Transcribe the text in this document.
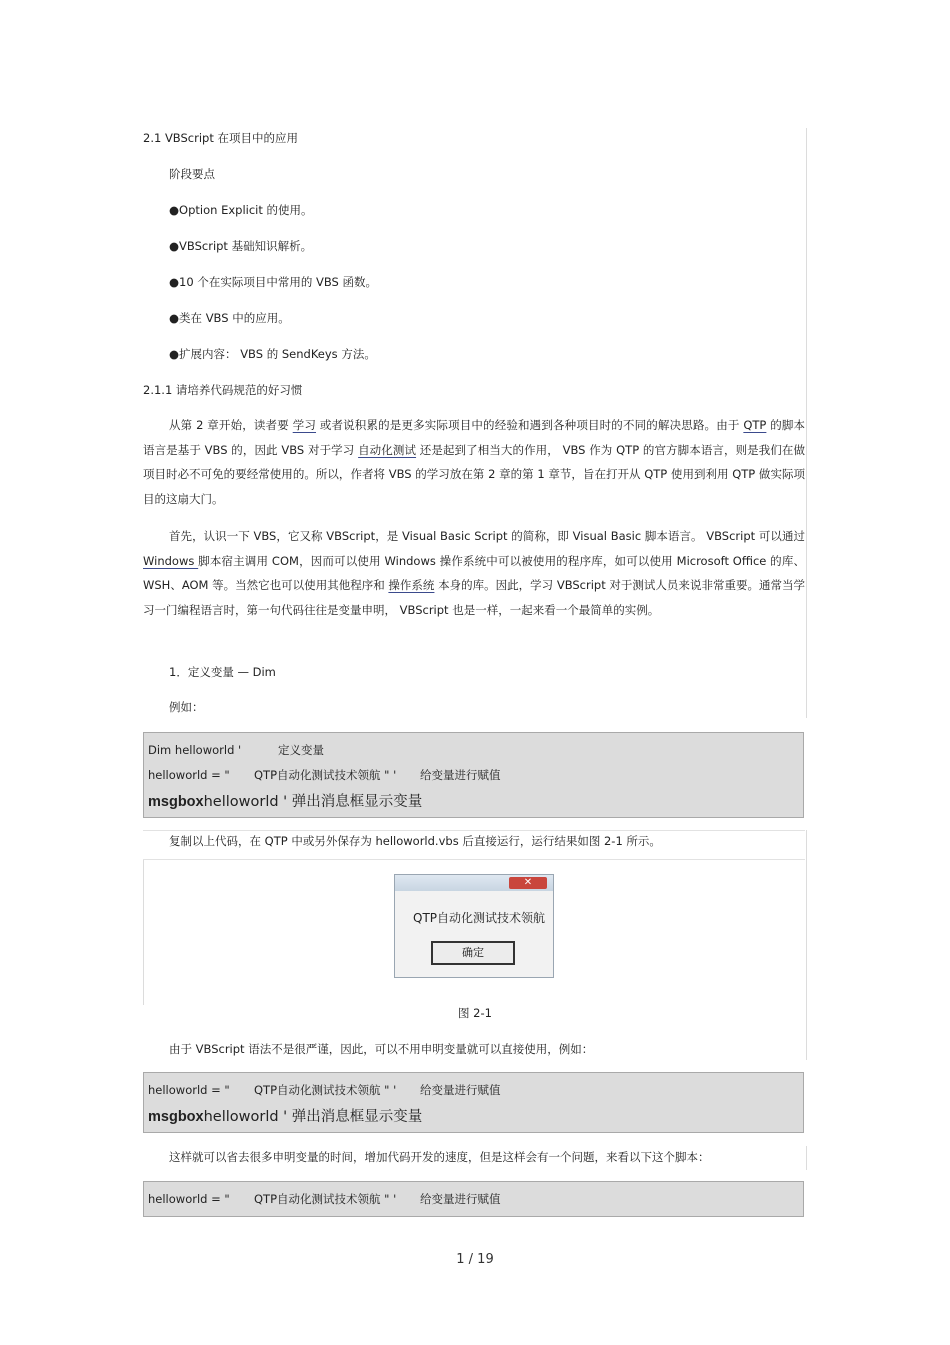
2.1 VBScript 在项目中的应用
阶段要点
●Option Explicit 的使用。
●VBScript 基础知识解析。
●10 个在实际项目中常用的 VBS 函数。
●类在 VBS 中的应用。
●扩展内容： VBS 的 SendKeys 方法。
2.1.1 请培养代码规范的好习惯

从第 2 章开始，读者要 学习 或者说积累的是更多实际项目中的经验和遇到各种项目时的不同的解决思路。由于 QTP 的脚本语言是基于 VBS 的，因此 VBS 对于学习 自动化测试 还是起到了相当大的作用， VBS 作为 QTP 的官方脚本语言，则是我们在做项目时必不可免的要经常使用的。所以，作者将 VBS 的学习放在第 2 章的第 1 章节，旨在打开从 QTP 使用到利用 QTP 做实际项目的这扇大门。

首先，认识一下 VBS，它又称 VBScript，是 Visual Basic Script 的简称，即 Visual Basic 脚本语言。 VBScript 可以通过 Windows 脚本宿主调用 COM，因而可以使用 Windows 操作系统中可以被使用的程序库，如可以使用 Microsoft Office 的库、 WSH、AOM 等。当然它也可以使用其他程序和 操作系统 本身的库。因此，学习 VBScript 对于测试人员来说非常重要。通常当学习一门编程语言时，第一句代码往往是变量申明， VBScript 也是一样，一起来看一个最简单的实例。

1．定义变量 — Dim
例如：
Dim helloworld '	定义变量
helloworld = " QTP自动化测试技术领航 " ' 给变量进行赋值
msgboxhelloworld ' 弹出消息框显示变量
复制以上代码，在 QTP 中或另外保存为 helloworld.vbs 后直接运行，运行结果如图 2-1 所示。
✕
QTP自动化测试技术领航
确定
图 2-1
由于 VBScript 语法不是很严谨，因此，可以不用申明变量就可以直接使用，例如：
helloworld = " QTP自动化测试技术领航 " ' 给变量进行赋值
msgboxhelloworld ' 弹出消息框显示变量
这样就可以省去很多申明变量的时间，增加代码开发的速度，但是这样会有一个问题，来看以下这个脚本：
helloworld = " QTP自动化测试技术领航 " ' 给变量进行赋值
1 / 19
